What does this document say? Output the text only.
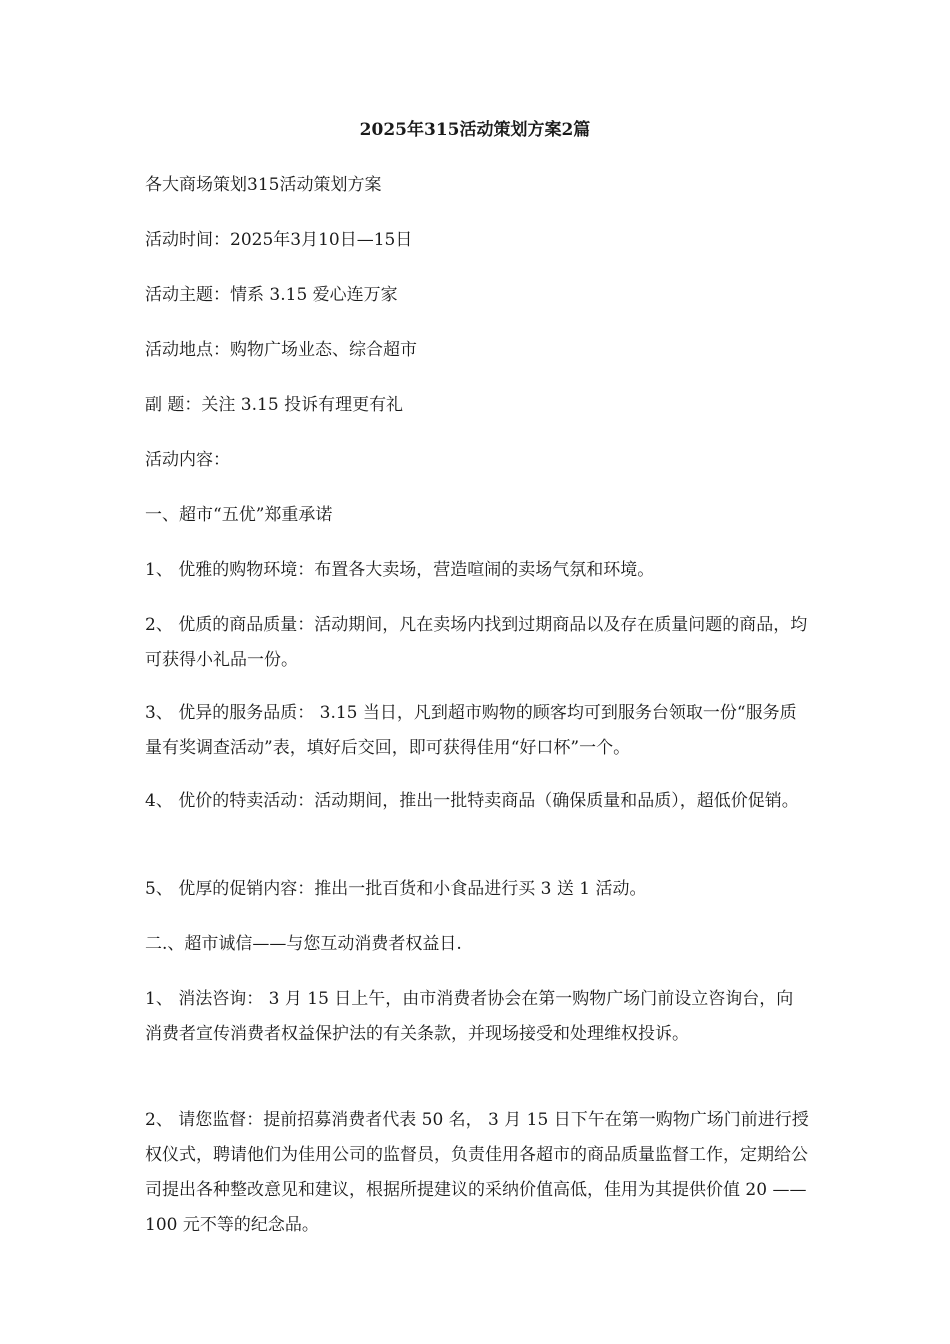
2025年315活动策划方案2篇

各大商场策划315活动策划方案

活动时间：2025年3月10日—15日

活动主题：情系 3.15 爱心连万家

活动地点：购物广场业态、综合超市

副 题：关注 3.15 投诉有理更有礼

活动内容：

一、超市“五优”郑重承诺

1、 优雅的购物环境：布置各大卖场，营造喧闹的卖场气氛和环境。

2、 优质的商品质量：活动期间，凡在卖场内找到过期商品以及存在质量问题的商品，均可获得小礼品一份。

3、 优异的服务品质： 3.15 当日，凡到超市购物的顾客均可到服务台领取一份“服务质量有奖调查活动”表，填好后交回，即可获得佳用“好口杯”一个。

4、 优价的特卖活动：活动期间，推出一批特卖商品（确保质量和品质），超低价促销。

5、 优厚的促销内容：推出一批百货和小食品进行买 3 送 1 活动。

二.、超市诚信——与您互动消费者权益日.

1、 消法咨询： 3 月 15 日上午，由市消费者协会在第一购物广场门前设立咨询台，向消费者宣传消费者权益保护法的有关条款，并现场接受和处理维权投诉。

2、 请您监督：提前招募消费者代表 50 名， 3 月 15 日下午在第一购物广场门前进行授权仪式，聘请他们为佳用公司的监督员，负责佳用各超市的商品质量监督工作，定期给公司提出各种整改意见和建议，根据所提建议的采纳价值高低，佳用为其提供价值 20 —— 100 元不等的纪念品。
